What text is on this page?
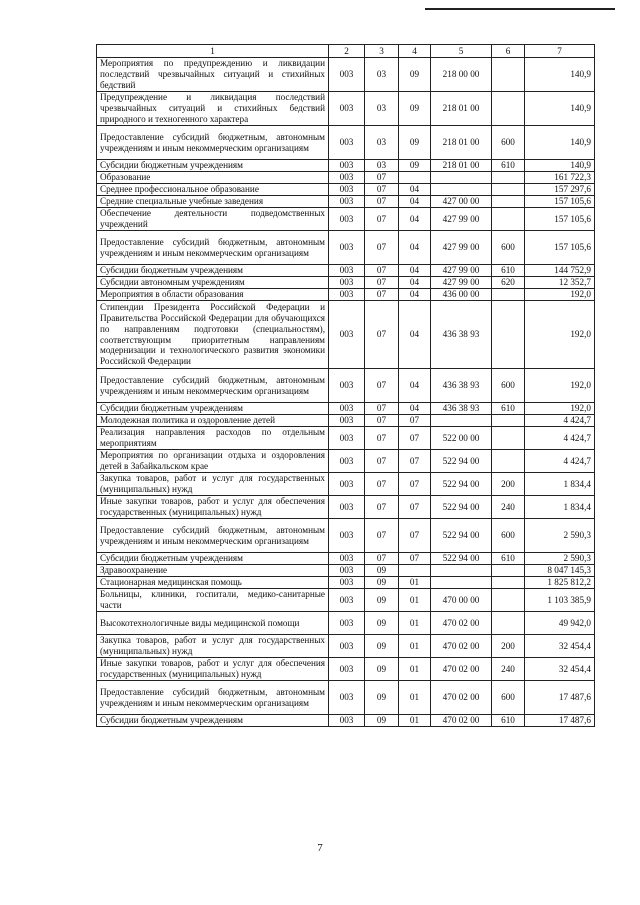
1	2	3	4	5	6	7
Мероприятия по предупреждению и ликвидации последствий чрезвычайных ситуаций и стихийных бедствий	003	03	09	218 00 00		140,9
Предупреждение и ликвидация последствий чрезвычайных ситуаций и стихийных бедствий природного и техногенного характера	003	03	09	218 01 00		140,9
Предоставление субсидий бюджетным, автономным учреждениям и иным некоммерческим организациям	003	03	09	218 01 00	600	140,9
Субсидии бюджетным учреждениям	003	03	09	218 01 00	610	140,9
Образование	003	07				161 722,3
Среднее профессиональное образование	003	07	04			157 297,6
Средние специальные учебные заведения	003	07	04	427 00 00		157 105,6
Обеспечение деятельности подведомственных учреждений	003	07	04	427 99 00		157 105,6
Предоставление субсидий бюджетным, автономным учреждениям и иным некоммерческим организациям	003	07	04	427 99 00	600	157 105,6
Субсидии бюджетным учреждениям	003	07	04	427 99 00	610	144 752,9
Субсидии автономным учреждениям	003	07	04	427 99 00	620	12 352,7
Мероприятия в области образования	003	07	04	436 00 00		192,0
Стипендии Президента Российской Федерации и Правительства Российской Федерации для обучающихся по направлениям подготовки (специальностям), соответствующим приоритетным направлениям модернизации и технологического развития экономики Российской Федерации	003	07	04	436 38 93		192,0
Предоставление субсидий бюджетным, автономным учреждениям и иным некоммерческим организациям	003	07	04	436 38 93	600	192,0
Субсидии бюджетным учреждениям	003	07	04	436 38 93	610	192,0
Молодежная политика и оздоровление детей	003	07	07			4 424,7
Реализация направления расходов по отдельным мероприятиям	003	07	07	522 00 00		4 424,7
Мероприятия по организации отдыха и оздоровления детей в Забайкальском крае	003	07	07	522 94 00		4 424,7
Закупка товаров, работ и услуг для государственных (муниципальных) нужд	003	07	07	522 94 00	200	1 834,4
Иные закупки товаров, работ и услуг для обеспечения государственных (муниципальных) нужд	003	07	07	522 94 00	240	1 834,4
Предоставление субсидий бюджетным, автономным учреждениям и иным некоммерческим организациям	003	07	07	522 94 00	600	2 590,3
Субсидии бюджетным учреждениям	003	07	07	522 94 00	610	2 590,3
Здравоохранение	003	09				8 047 145,3
Стационарная медицинская помощь	003	09	01			1 825 812,2
Больницы, клиники, госпитали, медико-санитарные части	003	09	01	470 00 00		1 103 385,9
Высокотехнологичные виды медицинской помощи	003	09	01	470 02 00		49 942,0
Закупка товаров, работ и услуг для государственных (муниципальных) нужд	003	09	01	470 02 00	200	32 454,4
Иные закупки товаров, работ и услуг для обеспечения государственных (муниципальных) нужд	003	09	01	470 02 00	240	32 454,4
Предоставление субсидий бюджетным, автономным учреждениям и иным некоммерческим организациям	003	09	01	470 02 00	600	17 487,6
Субсидии бюджетным учреждениям	003	09	01	470 02 00	610	17 487,6
7
